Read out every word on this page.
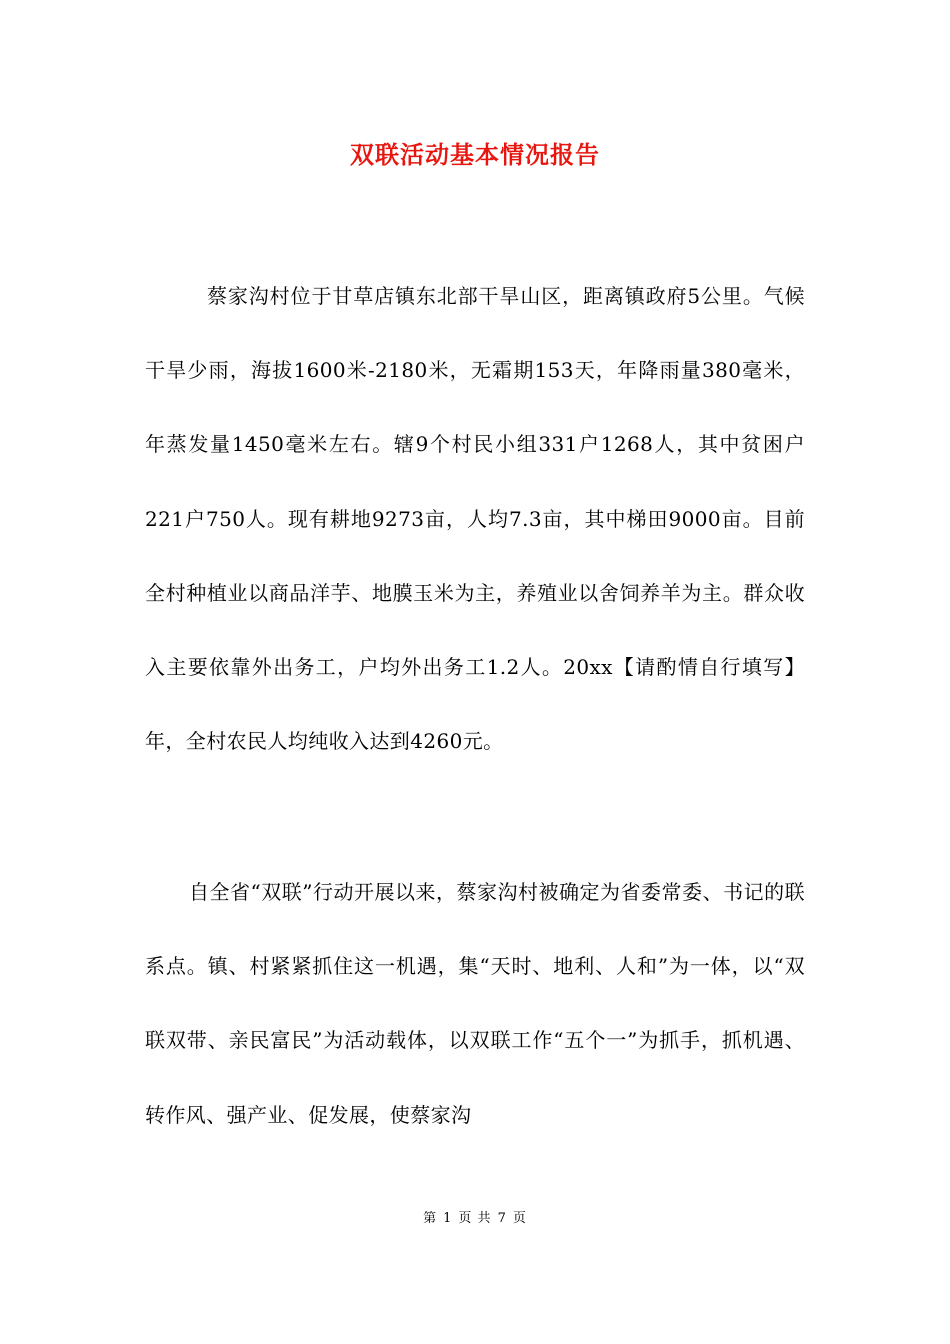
双联活动基本情况报告

蔡家沟村位于甘草店镇东北部干旱山区，距离镇政府5公里。气候干旱少雨，海拔1600米-2180米，无霜期153天，年降雨量380毫米，年蒸发量1450毫米左右。辖9个村民小组331户1268人，其中贫困户221户750人。现有耕地9273亩，人均7.3亩，其中梯田9000亩。目前全村种植业以商品洋芋、地膜玉米为主，养殖业以舍饲养羊为主。群众收入主要依靠外出务工，户均外出务工1.2人。20xx【请酌情自行填写】年，全村农民人均纯收入达到4260元。

自全省“双联”行动开展以来，蔡家沟村被确定为省委常委、书记的联系点。镇、村紧紧抓住这一机遇，集“天时、地利、人和”为一体，以“双联双带、亲民富民”为活动载体，以双联工作“五个一”为抓手，抓机遇、转作风、强产业、促发展，使蔡家沟

第 1 页 共 7 页
